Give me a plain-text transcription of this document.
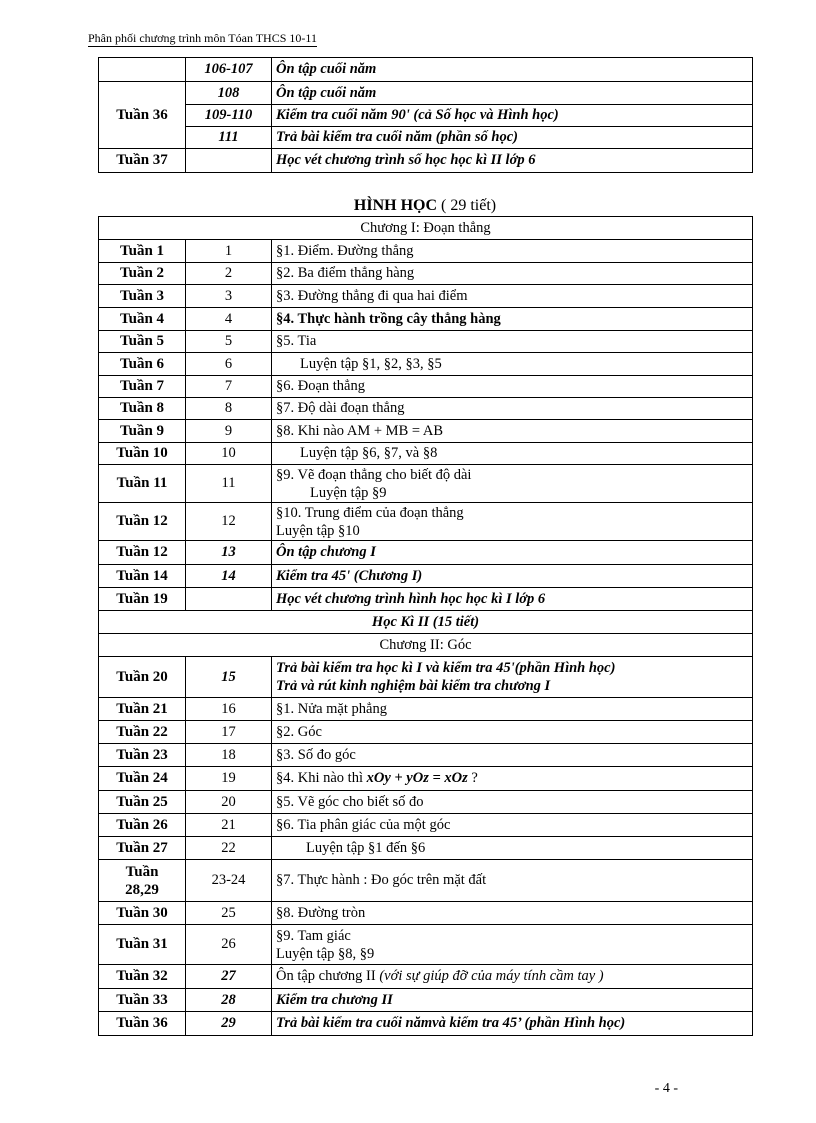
Phân phối chương trình môn Tóan THCS 10-11
	106-107	Ôn tập cuối năm
Tuần 36	108	Ôn tập cuối năm
	109-110	Kiểm tra cuối năm 90' (cả Số học và Hình học)
	111	Trả bài kiểm tra cuối năm (phần số học)
Tuần 37		Học vét chương trình số học học kì II lớp 6
HÌNH HỌC ( 29 tiết)
Chương I: Đoạn thẳng		
Tuần 1	1	§1. Điểm. Đường thẳng
Tuần 2	2	§2. Ba điểm thẳng hàng
Tuần 3	3	§3. Đường thẳng đi qua hai điểm
Tuần 4	4	§4. Thực hành trồng cây thẳng hàng
Tuần 5	5	§5. Tia
Tuần 6	6	Luyện tập §1, §2, §3, §5
Tuần 7	7	§6. Đoạn thẳng
Tuần 8	8	§7. Độ dài đoạn thẳng
Tuần 9	9	§8. Khi nào AM + MB = AB
Tuần 10	10	Luyện tập §6, §7, và §8
Tuần 11	11	§9. Vẽ đoạn thẳng cho biết độ dài
Luyện tập §9

Tuần 12	12	§10. Trung điểm của đoạn thẳng
Luyện tập §10

Tuần 12	13	Ôn tập chương I
Tuần 14	14	Kiểm tra 45' (Chương I)
Tuần 19		Học vét chương trình hình học học kì I lớp 6
Học Kì II (15 tiết)		
Chương II: Góc		
Tuần 20	15	Trả bài kiểm tra học kì I và kiểm tra 45'(phần Hình học)
Trả và rút kinh nghiệm bài kiểm tra chương I

Tuần 21	16	§1. Nửa mặt phẳng
Tuần 22	17	§2. Góc
Tuần 23	18	§3. Số đo góc
Tuần 24	19	§4. Khi nào thì xOy + yOz = xOz ?
Tuần 25	20	§5. Vẽ góc cho biết số đo
Tuần 26	21	§6. Tia phân giác của một góc
Tuần 27	22	Luyện tập §1 đến §6

Tuần
28,29	23-24	§7. Thực hành : Đo góc trên mặt đất
Tuần 30	25	§8. Đường tròn
Tuần 31	26	§9. Tam giác
Luyện tập §8, §9

Tuần 32	27	Ôn tập chương II (với sự giúp đỡ của máy tính cầm tay )
Tuần 33	28	Kiểm tra chương II
Tuần 36	29	Trả bài kiểm tra cuối nămvà kiểm tra 45’ (phần Hình học)
- 4 -
